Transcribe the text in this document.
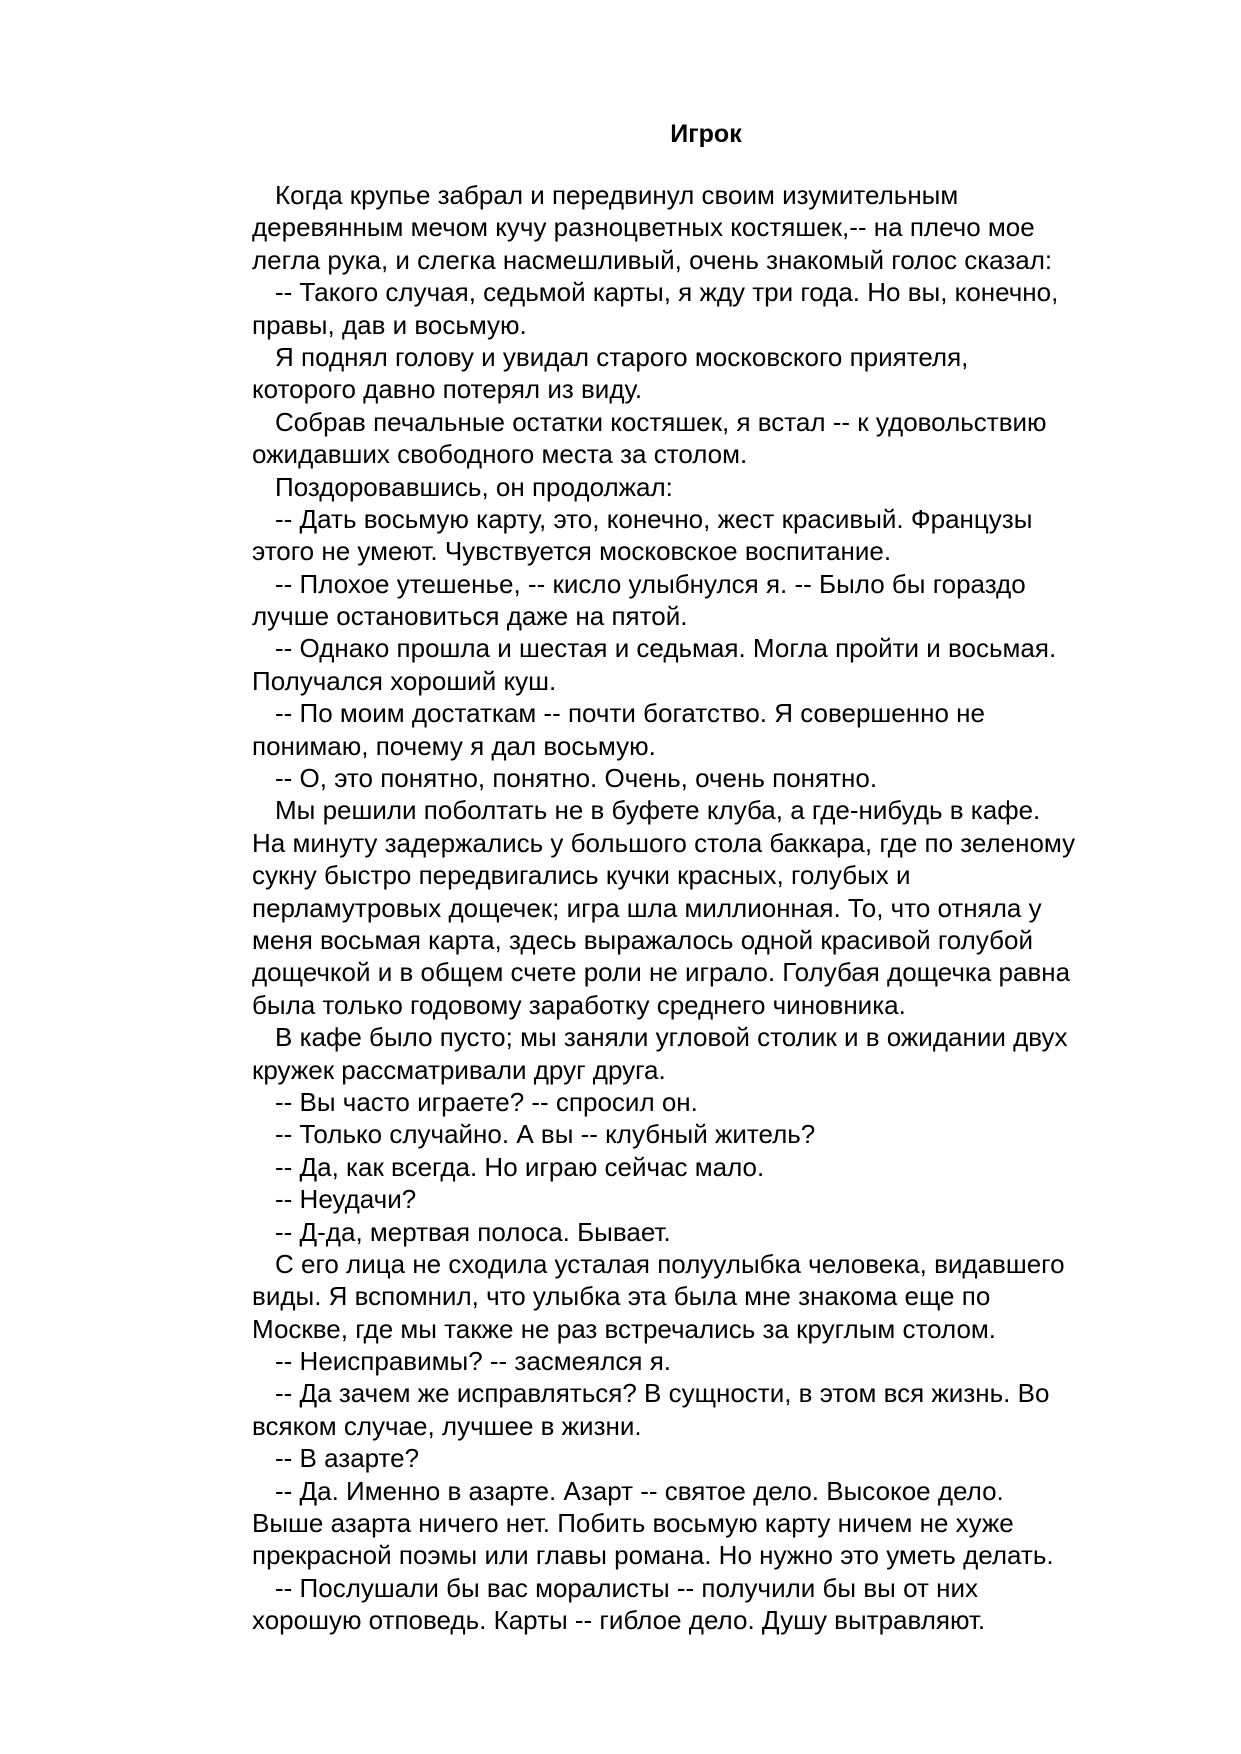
Игрок
Когда крупье забрал и передвинул своим изумительным
деревянным мечом кучу разноцветных костяшек,-- на плечо мое
легла рука, и слегка насмешливый, очень знакомый голос сказал:
-- Такого случая, седьмой карты, я жду три года. Но вы, конечно,
правы, дав и восьмую.
Я поднял голову и увидал старого московского приятеля,
которого давно потерял из виду.
Собрав печальные остатки костяшек, я встал -- к удовольствию
ожидавших свободного места за столом.
Поздоровавшись, он продолжал:
-- Дать восьмую карту, это, конечно, жест красивый. Французы
этого не умеют. Чувствуется московское воспитание.
-- Плохое утешенье, -- кисло улыбнулся я. -- Было бы гораздо
лучше остановиться даже на пятой.
-- Однако прошла и шестая и седьмая. Могла пройти и восьмая.
Получался хороший куш.
-- По моим достаткам -- почти богатство. Я совершенно не
понимаю, почему я дал восьмую.
-- О, это понятно, понятно. Очень, очень понятно.
Мы решили поболтать не в буфете клуба, а где-нибудь в кафе.
На минуту задержались у большого стола баккара, где по зеленому
сукну быстро передвигались кучки красных, голубых и
перламутровых дощечек; игра шла миллионная. То, что отняла у
меня восьмая карта, здесь выражалось одной красивой голубой
дощечкой и в общем счете роли не играло. Голубая дощечка равна
была только годовому заработку среднего чиновника.
В кафе было пусто; мы заняли угловой столик и в ожидании двух
кружек рассматривали друг друга.
-- Вы часто играете? -- спросил он.
-- Только случайно. А вы -- клубный житель?
-- Да, как всегда. Но играю сейчас мало.
-- Неудачи?
-- Д-да, мертвая полоса. Бывает.
С его лица не сходила усталая полуулыбка человека, видавшего
виды. Я вспомнил, что улыбка эта была мне знакома еще по
Москве, где мы также не раз встречались за круглым столом.
-- Неисправимы? -- засмеялся я.
-- Да зачем же исправляться? В сущности, в этом вся жизнь. Во
всяком случае, лучшее в жизни.
-- В азарте?
-- Да. Именно в азарте. Азарт -- святое дело. Высокое дело.
Выше азарта ничего нет. Побить восьмую карту ничем не хуже
прекрасной поэмы или главы романа. Но нужно это уметь делать.
-- Послушали бы вас моралисты -- получили бы вы от них
хорошую отповедь. Карты -- гиблое дело. Душу вытравляют.
